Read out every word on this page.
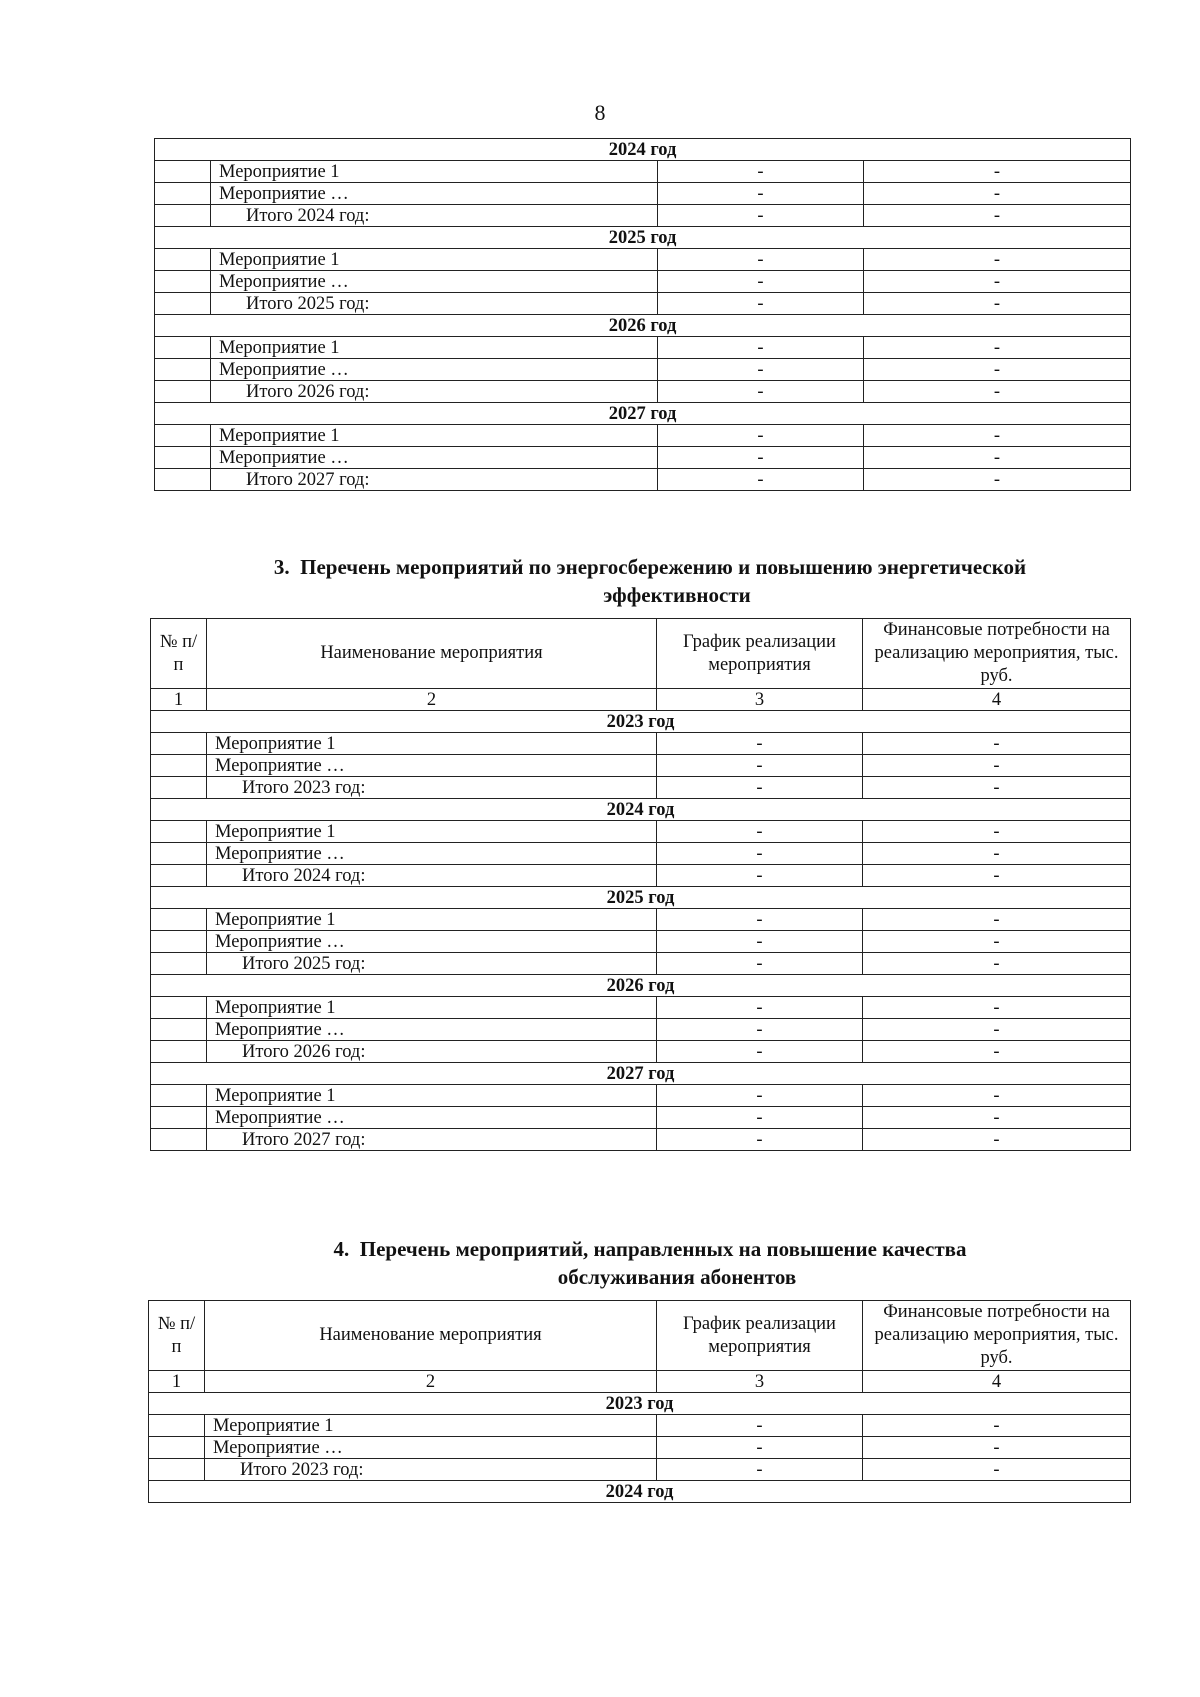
8
2024 год			
	Мероприятие 1	-	-
	Мероприятие …	-	-
	Итого 2024 год:	-	-
2025 год			
	Мероприятие 1	-	-
	Мероприятие …	-	-
	Итого 2025 год:	-	-
2026 год			
	Мероприятие 1	-	-
	Мероприятие …	-	-
	Итого 2026 год:	-	-
2027 год			
	Мероприятие 1	-	-
	Мероприятие …	-	-
	Итого 2027 год:	-	-
3.  Перечень мероприятий по энергосбережению и повышению энергетической
эффективности
№ п/п	Наименование мероприятия	График реализации мероприятия	Финансовые потребности на реализацию мероприятия, тыс. руб.
1	2	3	4
2023 год			
	Мероприятие 1	-	-
	Мероприятие …	-	-
	Итого 2023 год:	-	-
2024 год			
	Мероприятие 1	-	-
	Мероприятие …	-	-
	Итого 2024 год:	-	-
2025 год			
	Мероприятие 1	-	-
	Мероприятие …	-	-
	Итого 2025 год:	-	-
2026 год			
	Мероприятие 1	-	-
	Мероприятие …	-	-
	Итого 2026 год:	-	-
2027 год			
	Мероприятие 1	-	-
	Мероприятие …	-	-
	Итого 2027 год:	-	-
4.  Перечень мероприятий, направленных на повышение качества
обслуживания абонентов
№ п/п	Наименование мероприятия	График реализации мероприятия	Финансовые потребности на реализацию мероприятия, тыс. руб.
1	2	3	4
2023 год			
	Мероприятие 1	-	-
	Мероприятие …	-	-
	Итого 2023 год:	-	-
2024 год			
